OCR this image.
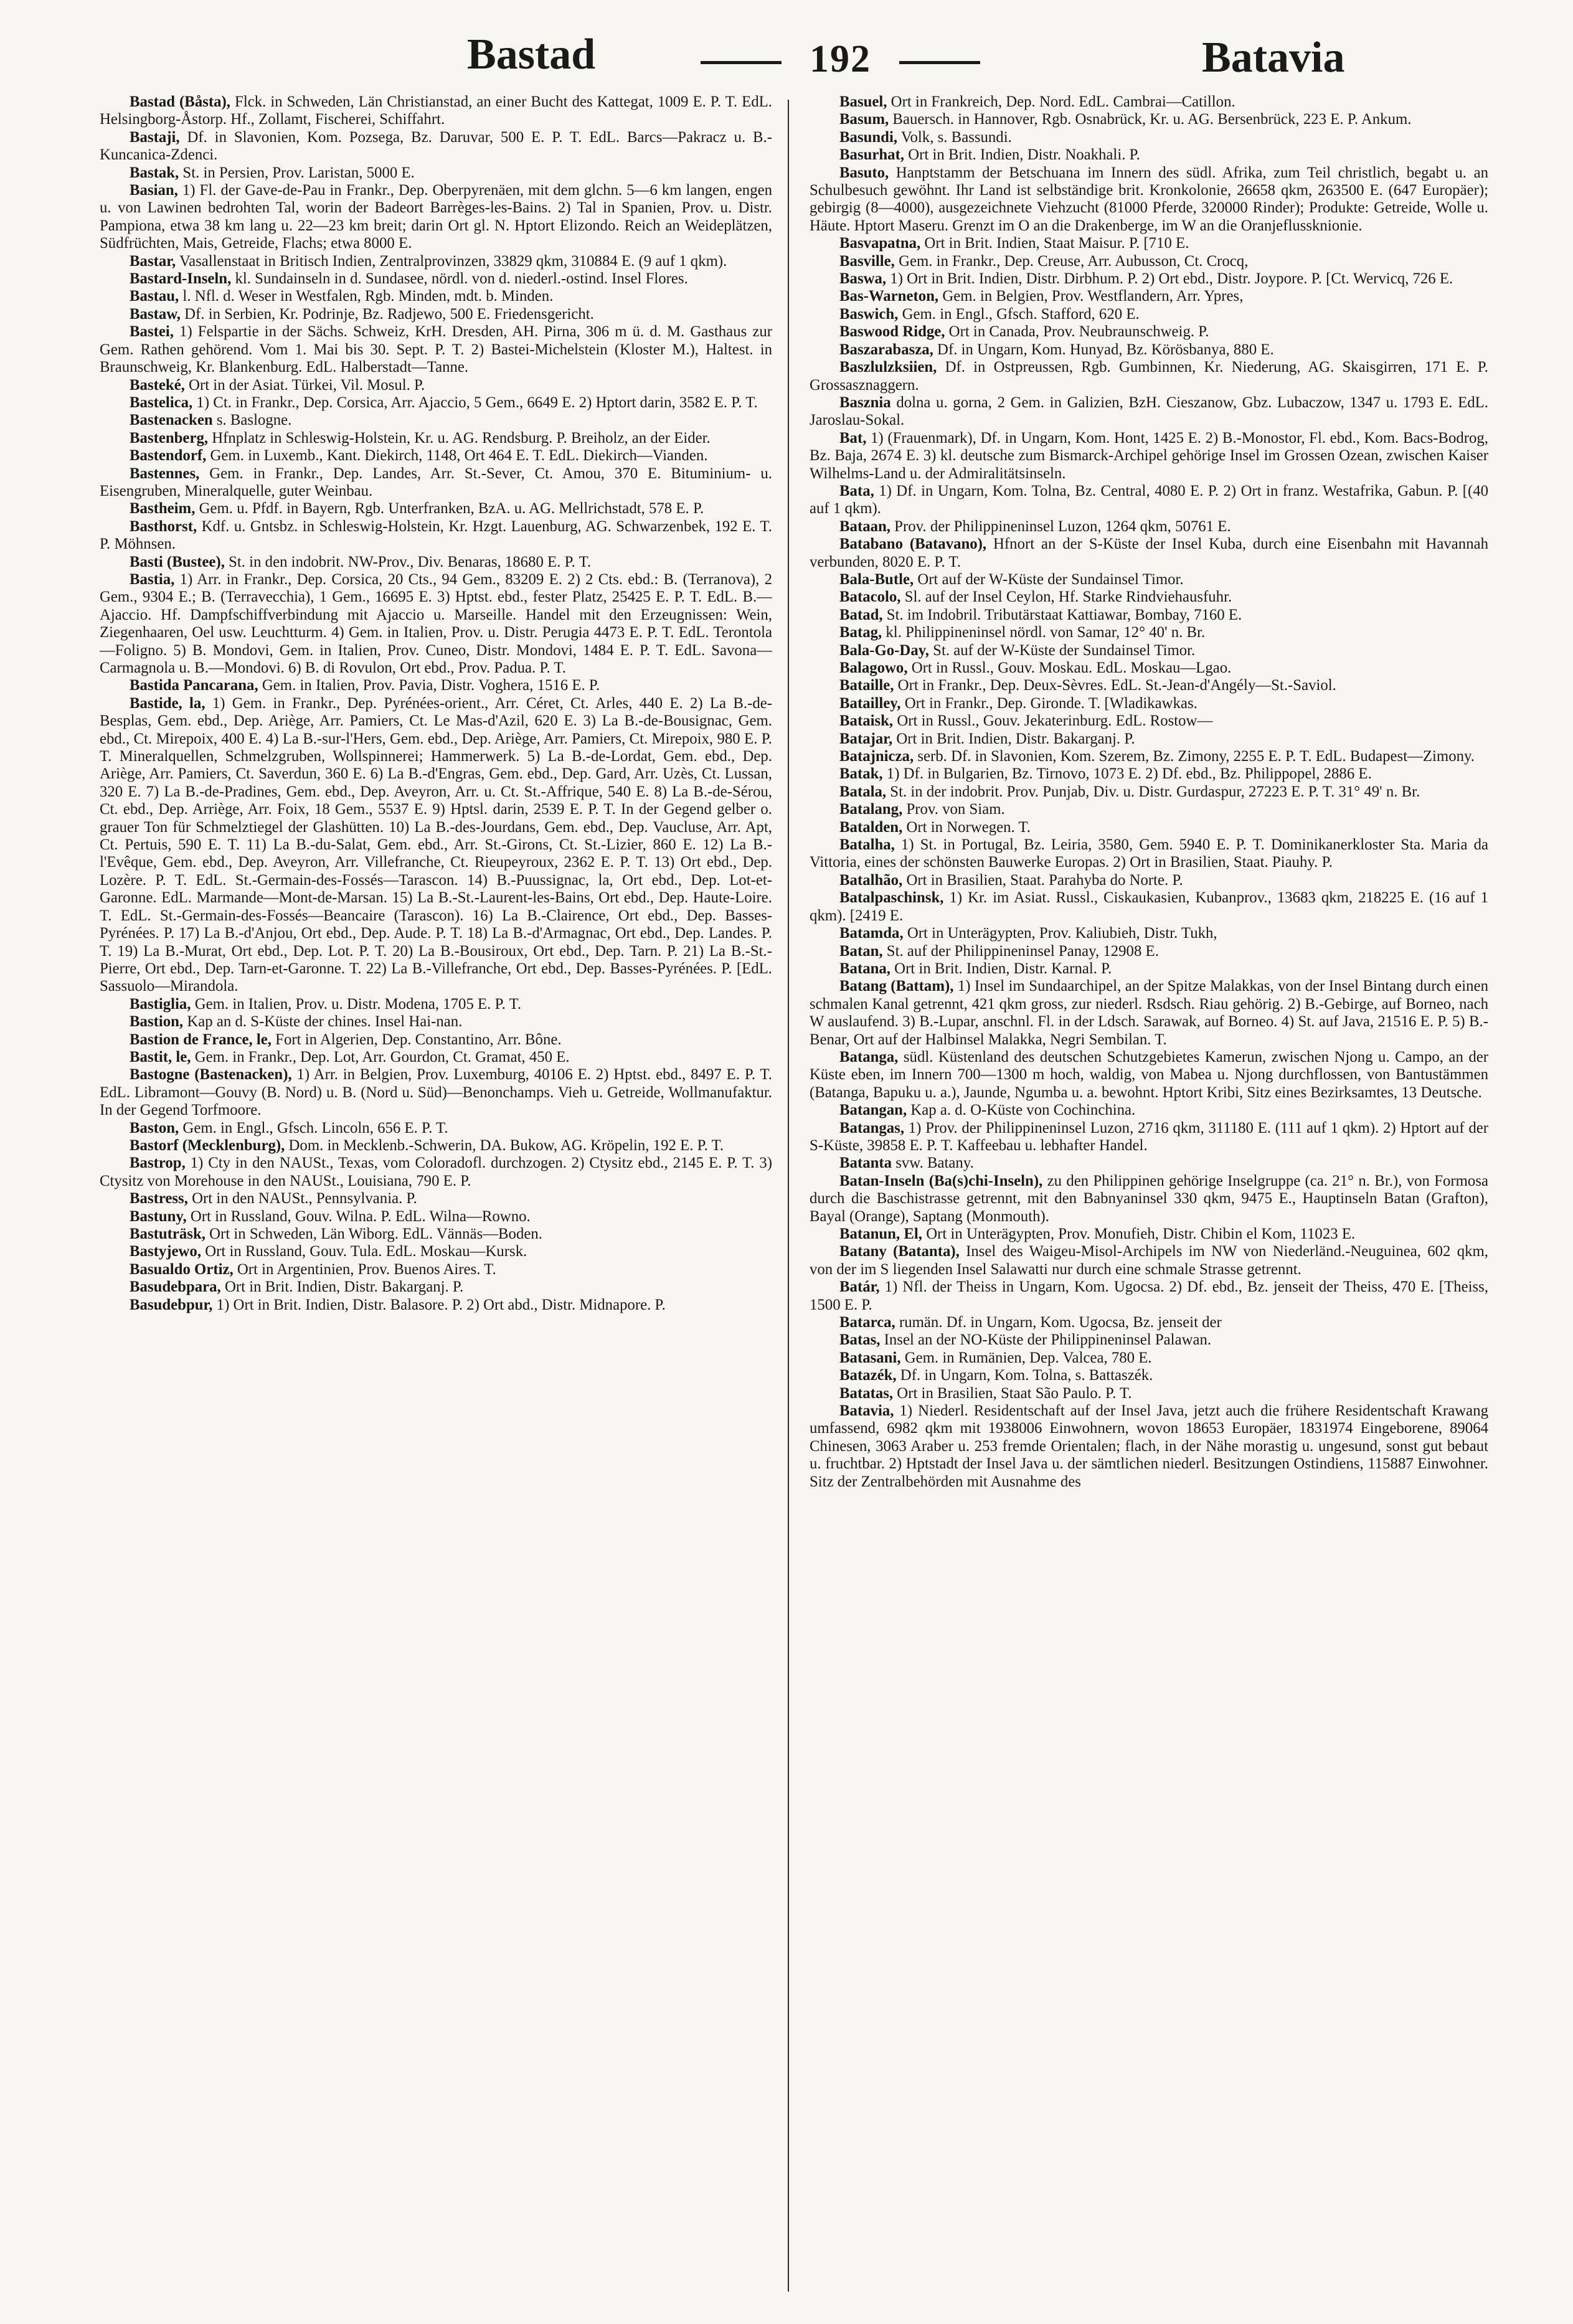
Bastad	192	Batavia

Bastad (Båsta), Flck. in Schweden, Län Christianstad, an einer Bucht des Kattegat, 1009 E. P. T. EdL. Helsingborg-Åstorp. Hf., Zollamt, Fischerei, Schiffahrt.

Bastaji, Df. in Slavonien, Kom. Pozsega, Bz. Daruvar, 500 E. P. T. EdL. Barcs—Pakracz u. B.-Kuncanica-Zdenci.

Bastak, St. in Persien, Prov. Laristan, 5000 E.

Basian, 1) Fl. der Gave-de-Pau in Frankr., Dep. Oberpyrenäen, mit dem glchn. 5—6 km langen, engen u. von Lawinen bedrohten Tal, worin der Badeort Barrèges-les-Bains. 2) Tal in Spanien, Prov. u. Distr. Pampiona, etwa 38 km lang u. 22—23 km breit; darin Ort gl. N. Hptort Elizondo. Reich an Weideplätzen, Südfrüchten, Mais, Getreide, Flachs; etwa 8000 E.

Bastar, Vasallenstaat in Britisch Indien, Zentralprovinzen, 33829 qkm, 310884 E. (9 auf 1 qkm).

Bastard-Inseln, kl. Sundainseln in d. Sundasee, nördl. von d. niederl.-ostind. Insel Flores.

Bastau, l. Nfl. d. Weser in Westfalen, Rgb. Minden, mdt. b. Minden.

Bastaw, Df. in Serbien, Kr. Podrinje, Bz. Radjewo, 500 E. Friedensgericht.

Bastei, 1) Felspartie in der Sächs. Schweiz, KrH. Dresden, AH. Pirna, 306 m ü. d. M. Gasthaus zur Gem. Rathen gehörend. Vom 1. Mai bis 30. Sept. P. T. 2) Bastei-Michelstein (Kloster M.), Haltest. in Braunschweig, Kr. Blankenburg. EdL. Halberstadt—Tanne.

Basteké, Ort in der Asiat. Türkei, Vil. Mosul. P.

Bastelica, 1) Ct. in Frankr., Dep. Corsica, Arr. Ajaccio, 5 Gem., 6649 E. 2) Hptort darin, 3582 E. P. T.

Bastenacken s. Baslogne.

Bastenberg, Hfnplatz in Schleswig-Holstein, Kr. u. AG. Rendsburg. P. Breiholz, an der Eider.

Bastendorf, Gem. in Luxemb., Kant. Diekirch, 1148, Ort 464 E. T. EdL. Diekirch—Vianden.

Bastennes, Gem. in Frankr., Dep. Landes, Arr. St.-Sever, Ct. Amou, 370 E. Bituminium- u. Eisengruben, Mineralquelle, guter Weinbau.

Bastheim, Gem. u. Pfdf. in Bayern, Rgb. Unterfranken, BzA. u. AG. Mellrichstadt, 578 E. P.

Basthorst, Kdf. u. Gntsbz. in Schleswig-Holstein, Kr. Hzgt. Lauenburg, AG. Schwarzenbek, 192 E. T. P. Möhnsen.

Basti (Bustee), St. in den indobrit. NW-Prov., Div. Benaras, 18680 E. P. T.

Bastia, 1) Arr. in Frankr., Dep. Corsica, 20 Cts., 94 Gem., 83209 E. 2) 2 Cts. ebd.: B. (Terranova), 2 Gem., 9304 E.; B. (Terravecchia), 1 Gem., 16695 E. 3) Hptst. ebd., fester Platz, 25425 E. P. T. EdL. B.—Ajaccio. Hf. Dampfschiffverbindung mit Ajaccio u. Marseille. Handel mit den Erzeugnissen: Wein, Ziegenhaaren, Oel usw. Leuchtturm. 4) Gem. in Italien, Prov. u. Distr. Perugia 4473 E. P. T. EdL. Terontola—Foligno. 5) B. Mondovi, Gem. in Italien, Prov. Cuneo, Distr. Mondovi, 1484 E. P. T. EdL. Savona—Carmagnola u. B.—Mondovi. 6) B. di Rovulon, Ort ebd., Prov. Padua. P. T.

Bastida Pancarana, Gem. in Italien, Prov. Pavia, Distr. Voghera, 1516 E. P.

Bastide, la, 1) Gem. in Frankr., Dep. Pyrénées-orient., Arr. Céret, Ct. Arles, 440 E. 2) La B.-de-Besplas, Gem. ebd., Dep. Ariège, Arr. Pamiers, Ct. Le Mas-d'Azil, 620 E. 3) La B.-de-Bousignac, Gem. ebd., Ct. Mirepoix, 400 E. 4) La B.-sur-l'Hers, Gem. ebd., Dep. Ariège, Arr. Pamiers, Ct. Mirepoix, 980 E. P. T. Mineralquellen, Schmelzgruben, Wollspinnerei; Hammerwerk. 5) La B.-de-Lordat, Gem. ebd., Dep. Ariège, Arr. Pamiers, Ct. Saverdun, 360 E. 6) La B.-d'Engras, Gem. ebd., Dep. Gard, Arr. Uzès, Ct. Lussan, 320 E. 7) La B.-de-Pradines, Gem. ebd., Dep. Aveyron, Arr. u. Ct. St.-Affrique, 540 E. 8) La B.-de-Sérou, Ct. ebd., Dep. Arriège, Arr. Foix, 18 Gem., 5537 E. 9) Hptsl. darin, 2539 E. P. T. In der Gegend gelber o. grauer Ton für Schmelztiegel der Glashütten. 10) La B.-des-Jourdans, Gem. ebd., Dep. Vaucluse, Arr. Apt, Ct. Pertuis, 590 E. T. 11) La B.-du-Salat, Gem. ebd., Arr. St.-Girons, Ct. St.-Lizier, 860 E. 12) La B.-l'Evêque, Gem. ebd., Dep. Aveyron, Arr. Villefranche, Ct. Rieupeyroux, 2362 E. P. T. 13) Ort ebd., Dep. Lozère. P. T. EdL. St.-Germain-des-Fossés—Tarascon. 14) B.-Puussignac, la, Ort ebd., Dep. Lot-et-Garonne. EdL. Marmande—Mont-de-Marsan. 15) La B.-St.-Laurent-les-Bains, Ort ebd., Dep. Haute-Loire. T. EdL. St.-Germain-des-Fossés—Beancaire (Tarascon). 16) La B.-Clairence, Ort ebd., Dep. Basses-Pyrénées. P. 17) La B.-d'Anjou, Ort ebd., Dep. Aude. P. T. 18) La B.-d'Armagnac, Ort ebd., Dep. Landes. P. T. 19) La B.-Murat, Ort ebd., Dep. Lot. P. T. 20) La B.-Bousiroux, Ort ebd., Dep. Tarn. P. 21) La B.-St.-Pierre, Ort ebd., Dep. Tarn-et-Garonne. T. 22) La B.-Villefranche, Ort ebd., Dep. Basses-Pyrénées. P. [EdL. Sassuolo—Mirandola.

Bastiglia, Gem. in Italien, Prov. u. Distr. Modena, 1705 E. P. T.

Bastion, Kap an d. S-Küste der chines. Insel Hai-nan.

Bastion de France, le, Fort in Algerien, Dep. Constantino, Arr. Bône.

Bastit, le, Gem. in Frankr., Dep. Lot, Arr. Gourdon, Ct. Gramat, 450 E.

Bastogne (Bastenacken), 1) Arr. in Belgien, Prov. Luxemburg, 40106 E. 2) Hptst. ebd., 8497 E. P. T. EdL. Libramont—Gouvy (B. Nord) u. B. (Nord u. Süd)—Benonchamps. Vieh u. Getreide, Wollmanufaktur. In der Gegend Torfmoore.

Baston, Gem. in Engl., Gfsch. Lincoln, 656 E. P. T.

Bastorf (Mecklenburg), Dom. in Mecklenb.-Schwerin, DA. Bukow, AG. Kröpelin, 192 E. P. T.

Bastrop, 1) Cty in den NAUSt., Texas, vom Coloradofl. durchzogen. 2) Ctysitz ebd., 2145 E. P. T. 3) Ctysitz von Morehouse in den NAUSt., Louisiana, 790 E. P.

Bastress, Ort in den NAUSt., Pennsylvania. P.

Bastuny, Ort in Russland, Gouv. Wilna. P. EdL. Wilna—Rowno.

Bastuträsk, Ort in Schweden, Län Wiborg. EdL. Vännäs—Boden.

Bastyjewo, Ort in Russland, Gouv. Tula. EdL. Moskau—Kursk.

Basualdo Ortiz, Ort in Argentinien, Prov. Buenos Aires. T.

Basudebpara, Ort in Brit. Indien, Distr. Bakarganj. P.

Basudebpur, 1) Ort in Brit. Indien, Distr. Balasore. P. 2) Ort abd., Distr. Midnapore. P.

Basuel, Ort in Frankreich, Dep. Nord. EdL. Cambrai—Catillon.

Basum, Bauersch. in Hannover, Rgb. Osnabrück, Kr. u. AG. Bersenbrück, 223 E. P. Ankum.

Basundi, Volk, s. Bassundi.

Basurhat, Ort in Brit. Indien, Distr. Noakhali. P.

Basuto, Hanptstamm der Betschuana im Innern des südl. Afrika, zum Teil christlich, begabt u. an Schulbesuch gewöhnt. Ihr Land ist selbständige brit. Kronkolonie, 26658 qkm, 263500 E. (647 Europäer); gebirgig (8—4000), ausgezeichnete Viehzucht (81000 Pferde, 320000 Rinder); Produkte: Getreide, Wolle u. Häute. Hptort Maseru. Grenzt im O an die Drakenberge, im W an die Oranjeflussknionie.

Basvapatna, Ort in Brit. Indien, Staat Maisur. P. [710 E.

Basville, Gem. in Frankr., Dep. Creuse, Arr. Aubusson, Ct. Crocq,

Baswa, 1) Ort in Brit. Indien, Distr. Dirbhum. P. 2) Ort ebd., Distr. Joypore. P. [Ct. Wervicq, 726 E.

Bas-Warneton, Gem. in Belgien, Prov. Westflandern, Arr. Ypres,

Baswich, Gem. in Engl., Gfsch. Stafford, 620 E.

Baswood Ridge, Ort in Canada, Prov. Neubraunschweig. P.

Baszarabasza, Df. in Ungarn, Kom. Hunyad, Bz. Körösbanya, 880 E.

Baszlulzksiien, Df. in Ostpreussen, Rgb. Gumbinnen, Kr. Niederung, AG. Skaisgirren, 171 E. P. Grossasznaggern.

Basznia dolna u. gorna, 2 Gem. in Galizien, BzH. Cieszanow, Gbz. Lubaczow, 1347 u. 1793 E. EdL. Jaroslau-Sokal.

Bat, 1) (Frauenmark), Df. in Ungarn, Kom. Hont, 1425 E. 2) B.-Monostor, Fl. ebd., Kom. Bacs-Bodrog, Bz. Baja, 2674 E. 3) kl. deutsche zum Bismarck-Archipel gehörige Insel im Grossen Ozean, zwischen Kaiser Wilhelms-Land u. der Admiralitätsinseln.

Bata, 1) Df. in Ungarn, Kom. Tolna, Bz. Central, 4080 E. P. 2) Ort in franz. Westafrika, Gabun. P. [(40 auf 1 qkm).

Bataan, Prov. der Philippineninsel Luzon, 1264 qkm, 50761 E.

Batabano (Batavano), Hfnort an der S-Küste der Insel Kuba, durch eine Eisenbahn mit Havannah verbunden, 8020 E. P. T.

Bala-Butle, Ort auf der W-Küste der Sundainsel Timor.

Batacolo, Sl. auf der Insel Ceylon, Hf. Starke Rindviehausfuhr.

Batad, St. im Indobril. Tributärstaat Kattiawar, Bombay, 7160 E.

Batag, kl. Philippineninsel nördl. von Samar, 12° 40' n. Br.

Bala-Go-Day, St. auf der W-Küste der Sundainsel Timor.

Balagowo, Ort in Russl., Gouv. Moskau. EdL. Moskau—Lgao.

Bataille, Ort in Frankr., Dep. Deux-Sèvres. EdL. St.-Jean-d'Angély—St.-Saviol.

Batailley, Ort in Frankr., Dep. Gironde. T. [Wladikawkas.

Bataisk, Ort in Russl., Gouv. Jekaterinburg. EdL. Rostow—

Batajar, Ort in Brit. Indien, Distr. Bakarganj. P.

Batajnicza, serb. Df. in Slavonien, Kom. Szerem, Bz. Zimony, 2255 E. P. T. EdL. Budapest—Zimony.

Batak, 1) Df. in Bulgarien, Bz. Tirnovo, 1073 E. 2) Df. ebd., Bz. Philippopel, 2886 E.

Batala, St. in der indobrit. Prov. Punjab, Div. u. Distr. Gurdaspur, 27223 E. P. T. 31° 49' n. Br.

Batalang, Prov. von Siam.

Batalden, Ort in Norwegen. T.

Batalha, 1) St. in Portugal, Bz. Leiria, 3580, Gem. 5940 E. P. T. Dominikanerkloster Sta. Maria da Vittoria, eines der schönsten Bauwerke Europas. 2) Ort in Brasilien, Staat. Piauhy. P.

Batalhão, Ort in Brasilien, Staat. Parahyba do Norte. P.

Batalpaschinsk, 1) Kr. im Asiat. Russl., Ciskaukasien, Kubanprov., 13683 qkm, 218225 E. (16 auf 1 qkm). [2419 E.

Batamda, Ort in Unterägypten, Prov. Kaliubieh, Distr. Tukh,

Batan, St. auf der Philippineninsel Panay, 12908 E.

Batana, Ort in Brit. Indien, Distr. Karnal. P.

Batang (Battam), 1) Insel im Sundaarchipel, an der Spitze Malakkas, von der Insel Bintang durch einen schmalen Kanal getrennt, 421 qkm gross, zur niederl. Rsdsch. Riau gehörig. 2) B.-Gebirge, auf Borneo, nach W auslaufend. 3) B.-Lupar, anschnl. Fl. in der Ldsch. Sarawak, auf Borneo. 4) St. auf Java, 21516 E. P. 5) B.-Benar, Ort auf der Halbinsel Malakka, Negri Sembilan. T.

Batanga, südl. Küstenland des deutschen Schutzgebietes Kamerun, zwischen Njong u. Campo, an der Küste eben, im Innern 700—1300 m hoch, waldig, von Mabea u. Njong durchflossen, von Bantustämmen (Batanga, Bapuku u. a.), Jaunde, Ngumba u. a. bewohnt. Hptort Kribi, Sitz eines Bezirksamtes, 13 Deutsche.

Batangan, Kap a. d. O-Küste von Cochinchina.

Batangas, 1) Prov. der Philippineninsel Luzon, 2716 qkm, 311180 E. (111 auf 1 qkm). 2) Hptort auf der S-Küste, 39858 E. P. T. Kaffeebau u. lebhafter Handel.

Batanta svw. Batany.

Batan-Inseln (Ba(s)chi-Inseln), zu den Philippinen gehörige Inselgruppe (ca. 21° n. Br.), von Formosa durch die Baschistrasse getrennt, mit den Babnyaninsel 330 qkm, 9475 E., Hauptinseln Batan (Grafton), Bayal (Orange), Saptang (Monmouth).

Batanun, El, Ort in Unterägypten, Prov. Monufieh, Distr. Chibin el Kom, 11023 E.

Batany (Batanta), Insel des Waigeu-Misol-Archipels im NW von Niederländ.-Neuguinea, 602 qkm, von der im S liegenden Insel Salawatti nur durch eine schmale Strasse getrennt.

Batár, 1) Nfl. der Theiss in Ungarn, Kom. Ugocsa. 2) Df. ebd., Bz. jenseit der Theiss, 470 E. [Theiss, 1500 E. P.

Batarca, rumän. Df. in Ungarn, Kom. Ugocsa, Bz. jenseit der

Batas, Insel an der NO-Küste der Philippineninsel Palawan.

Batasani, Gem. in Rumänien, Dep. Valcea, 780 E.

Batazék, Df. in Ungarn, Kom. Tolna, s. Battaszék.

Batatas, Ort in Brasilien, Staat São Paulo. P. T.

Batavia, 1) Niederl. Residentschaft auf der Insel Java, jetzt auch die frühere Residentschaft Krawang umfassend, 6982 qkm mit 1938006 Einwohnern, wovon 18653 Europäer, 1831974 Eingeborene, 89064 Chinesen, 3063 Araber u. 253 fremde Orientalen; flach, in der Nähe morastig u. ungesund, sonst gut bebaut u. fruchtbar. 2) Hptstadt der Insel Java u. der sämtlichen niederl. Besitzungen Ostindiens, 115887 Einwohner. Sitz der Zentralbehörden mit Ausnahme des
